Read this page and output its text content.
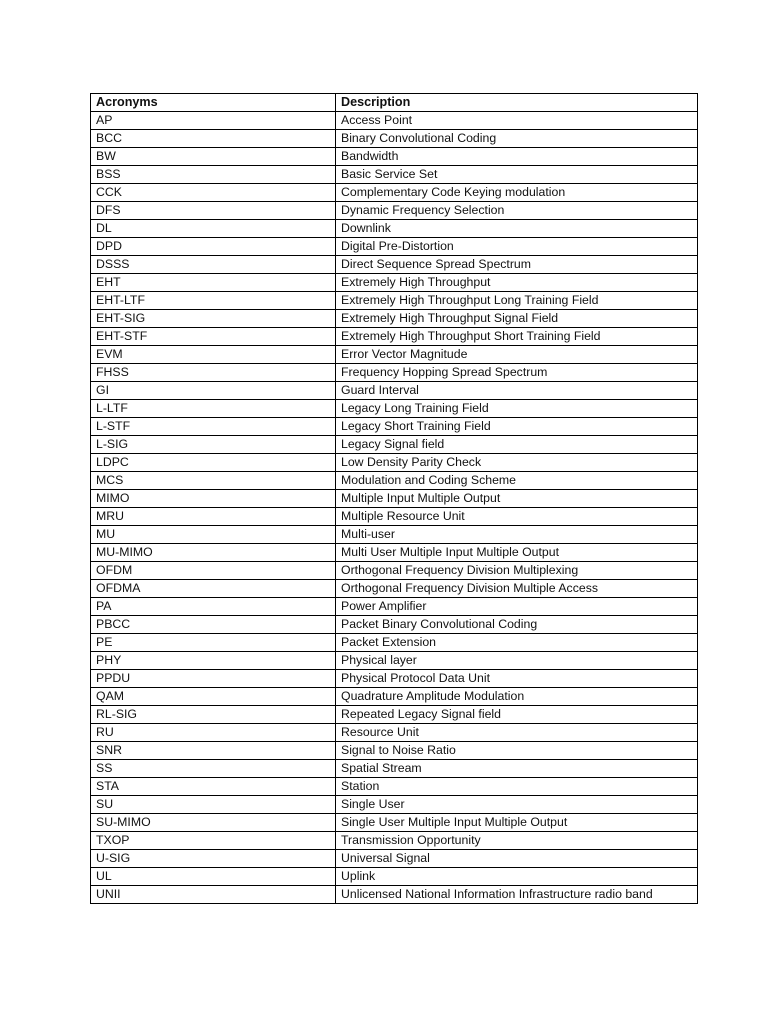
Acronyms	Description
AP	Access Point
BCC	Binary Convolutional Coding
BW	Bandwidth
BSS	Basic Service Set
CCK	Complementary Code Keying modulation
DFS	Dynamic Frequency Selection
DL	Downlink
DPD	Digital Pre-Distortion
DSSS	Direct Sequence Spread Spectrum
EHT	Extremely High Throughput
EHT-LTF	Extremely High Throughput Long Training Field
EHT-SIG	Extremely High Throughput Signal Field
EHT-STF	Extremely High Throughput Short Training Field
EVM	Error Vector Magnitude
FHSS	Frequency Hopping Spread Spectrum
GI	Guard Interval
L-LTF	Legacy Long Training Field
L-STF	Legacy Short Training Field
L-SIG	Legacy Signal field
LDPC	Low Density Parity Check
MCS	Modulation and Coding Scheme
MIMO	Multiple Input Multiple Output
MRU	Multiple Resource Unit
MU	Multi-user
MU-MIMO	Multi User Multiple Input Multiple Output
OFDM	Orthogonal Frequency Division Multiplexing
OFDMA	Orthogonal Frequency Division Multiple Access
PA	Power Amplifier
PBCC	Packet Binary Convolutional Coding
PE	Packet Extension
PHY	Physical layer
PPDU	Physical Protocol Data Unit
QAM	Quadrature Amplitude Modulation
RL-SIG	Repeated Legacy Signal field
RU	Resource Unit
SNR	Signal to Noise Ratio
SS	Spatial Stream
STA	Station
SU	Single User
SU-MIMO	Single User Multiple Input Multiple Output
TXOP	Transmission Opportunity
U-SIG	Universal Signal
UL	Uplink
UNII	Unlicensed National Information Infrastructure radio band
